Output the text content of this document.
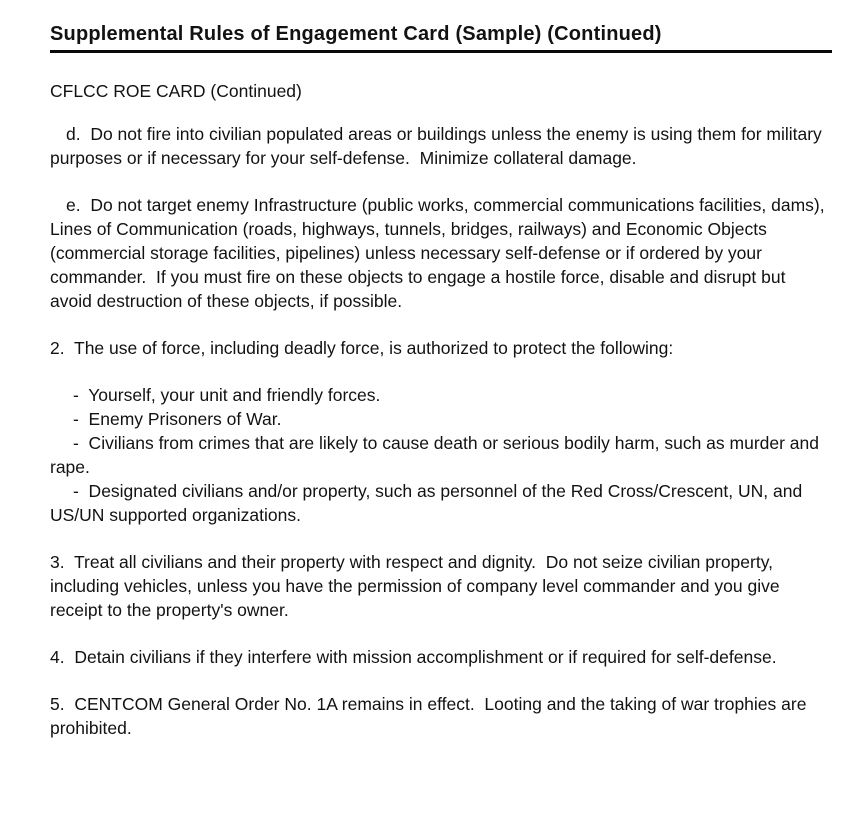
Supplemental Rules of Engagement Card (Sample) (Continued)

CFLCC ROE CARD (Continued)

d.  Do not fire into civilian populated areas or buildings unless the enemy is using them for military purposes or if necessary for your self-defense.  Minimize collateral damage.

e.  Do not target enemy Infrastructure (public works, commercial communications facilities, dams), Lines of Communication (roads, highways, tunnels, bridges, railways) and Economic Objects (commercial storage facilities, pipelines) unless necessary self-defense or if ordered by your commander.  If you must fire on these objects to engage a hostile force, disable and disrupt but avoid destruction of these objects, if possible.

2.  The use of force, including deadly force, is authorized to protect the following:

-  Yourself, your unit and friendly forces.

-  Enemy Prisoners of War.

-  Civilians from crimes that are likely to cause death or serious bodily harm, such as murder and rape.

-  Designated civilians and/or property, such as personnel of the Red Cross/Crescent, UN, and US/UN supported organizations.

3.  Treat all civilians and their property with respect and dignity.  Do not seize civilian property, including vehicles, unless you have the permission of company level commander and you give receipt to the property's owner.

4.  Detain civilians if they interfere with mission accomplishment or if required for self-defense.

5.  CENTCOM General Order No. 1A remains in effect.  Looting and the taking of war trophies are prohibited.
